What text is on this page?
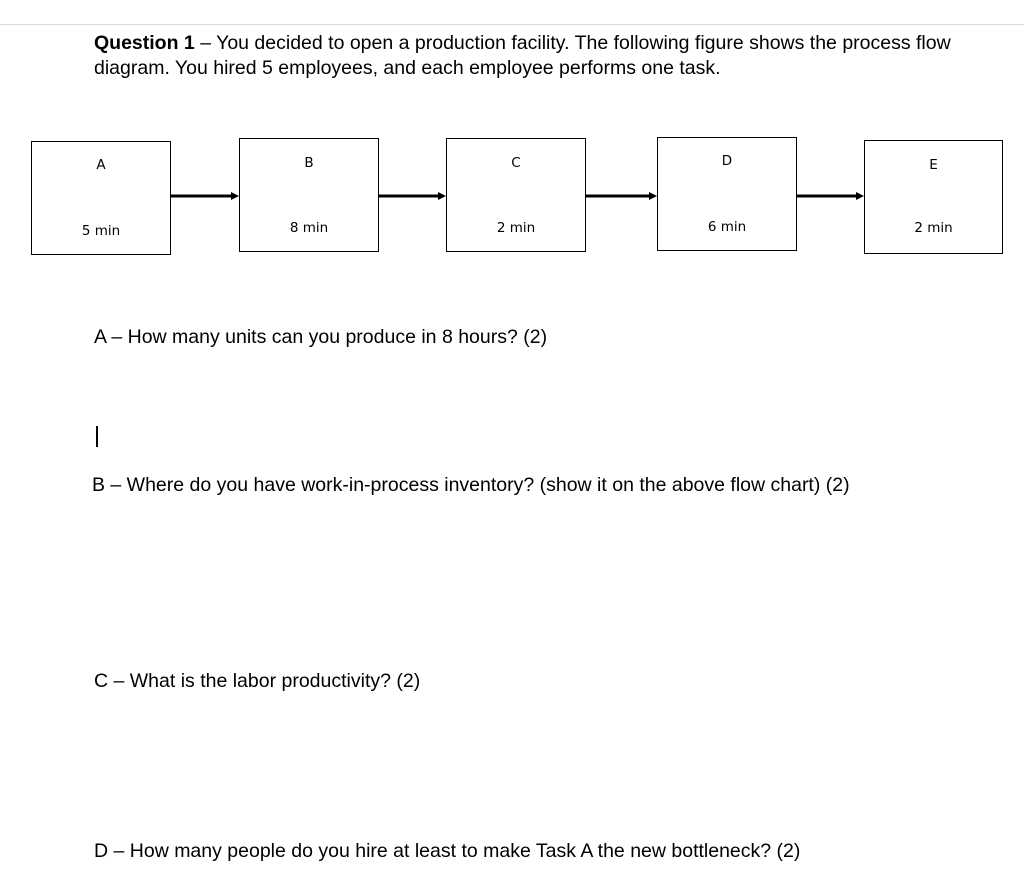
Question 1 – You decided to open a production facility. The following figure shows the process flow diagram. You hired 5 employees, and each employee performs one task.
A
5 min
B
8 min
C
2 min
D
6 min
E
2 min
A – How many units can you produce in 8 hours? (2)
B – Where do you have work-in-process inventory? (show it on the above flow chart) (2)
C – What is the labor productivity? (2)
D – How many people do you hire at least to make Task A the new bottleneck? (2)
